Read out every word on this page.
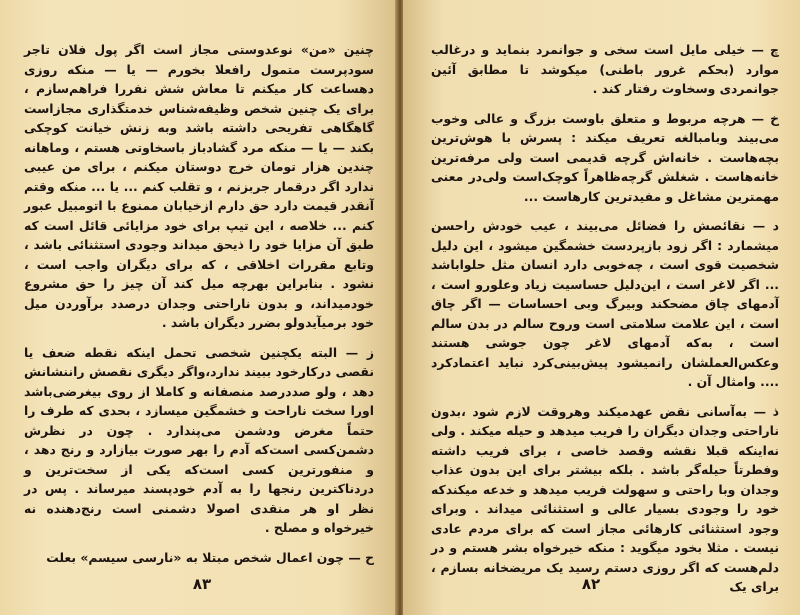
چنین «من» نوعدوستی مجاز است اگر پول فلان تاجر سود‌پرست متمول رافعلا بخورم — یا — منکه روزی دهساعت کار میکنم تا معاش شش نفررا فراهم‌سازم ، برای یک چنین شخص وظیفه‌شناس خدمتگذاری مجازاست گاهگاهی تفریحی داشته باشد وبه زنش خیانت کوچکی بکند — یا — منکه مرد گشادباز باسخاوتی هستم ، وماهانه چندین هزار تومان خرج دوستان میکنم ، برای من عیبی ندارد اگر درقمار جربزنم ، و تقلب کنم ... یا ... منکه وقتم آنقدر قیمت دارد حق دارم ازخیابان ممنوع با اتومبیل عبور کنم ... خلاصه ، این تیپ برای خود مزایائی قائل است که طبق آن مزایا خود را ذیحق میداند وجودی استثنائی باشد ، وتابع مقررات اخلاقی ، که برای دیگران واجب است ، نشود . بنابراین بهرچه میل کند آن چیز را حق مشروع خودمیداند، و بدون ناراحتی وجدان درصدد برآوردن میل خود برمیآیدولو بضرر دیگران باشد .

ز — البته یکچنین شخصی تحمل اینکه نقطه ضعف یا نقصی درکارخود ببیند ندارد،واگر دیگری نقصش راننشانش دهد ، ولو صددرصد منصفانه و کاملا از روی بیغرضی‌باشد اورا سخت ناراحت و خشمگین میسازد ، بحدی که طرف را حتماً مغرض ودشمن می‌پندارد . چون در نظرش دشمن‌کسی است‌که آدم را بهر صورت بیازارد و رنج دهد ، و منفورترین کسی است‌که یکی از سخت‌ترین و دردناکترین رنجها را به آدم خودپسند میرساند . پس در نظر او هر منقدی اصولا دشمنی است رنج‌دهنده نه خیرخواه و مصلح .

ح — چون اعمال شخص مبتلا به «نارسی سیسم» بعلت

۸۳

چ — خیلی مایل است سخی و جوانمرد بنماید و درغالب موارد (بحکم غرور باطنی) میکوشد تا مطابق آئین جوانمردی وسخاوت رفتار کند .

خ — هرچه مربوط و متعلق باوست بزرگ و عالی وخوب می‌بیند وبامبالغه تعریف میکند : پسرش با هوش‌ترین بچه‌هاست . خانه‌اش گرچه قدیمی است ولی مرفه‌ترین خانه‌هاست . شغلش گرچه‌ظاهراً کوچک‌است ولی‌در معنی مهمترین مشاغل و مفیدترین کارهاست ...

د — نقائصش را فضائل می‌بیند ، عیب خودش راحسن میشمارد : اگر زود بازپردست خشمگین میشود ، این دلیل شخصیت قوی است ، چه‌خوبی دارد انسان مثل حلواباشد ... اگر لاغر است ، این‌دلیل حساسیت زیاد وعلورو است ، آدمهای چاق مضحکند وبیرگ وبی احساسات — اگر چاق است ، این علامت سلامتی است وروح سالم در بدن سالم است ، به‌که آدمهای لاغر چون جوشی هستند وعکس‌العملشان رانمیشود پیش‌بینی‌کرد نباید اعتمادکرد .... وامثال آن .

ذ — به‌آسانی نقض عهدمیکند وهروقت لازم شود ،بدون ناراحتی وجدان دیگران را فریب میدهد و حیله میکند . ولی نه‌اینکه قبلا نقشه وقصد خاصی ، برای فریب داشته وفطرتاً حیله‌گر باشد . بلکه بیشتر برای این بدون عذاب وجدان وبا راحتی و سهولت فریب میدهد و خدعه میکندکه خود را وجودی بسیار عالی و استثنائی میداند . وبرای وجود استثنائی کارهائی مجاز است که برای مردم عادی نیست . مثلا بخود میگوید : منکه خیرخواه بشر هستم و در دلم‌هست که اگر روزی دستم رسید یک مریضخانه بسازم ، برای یک

۸۲
